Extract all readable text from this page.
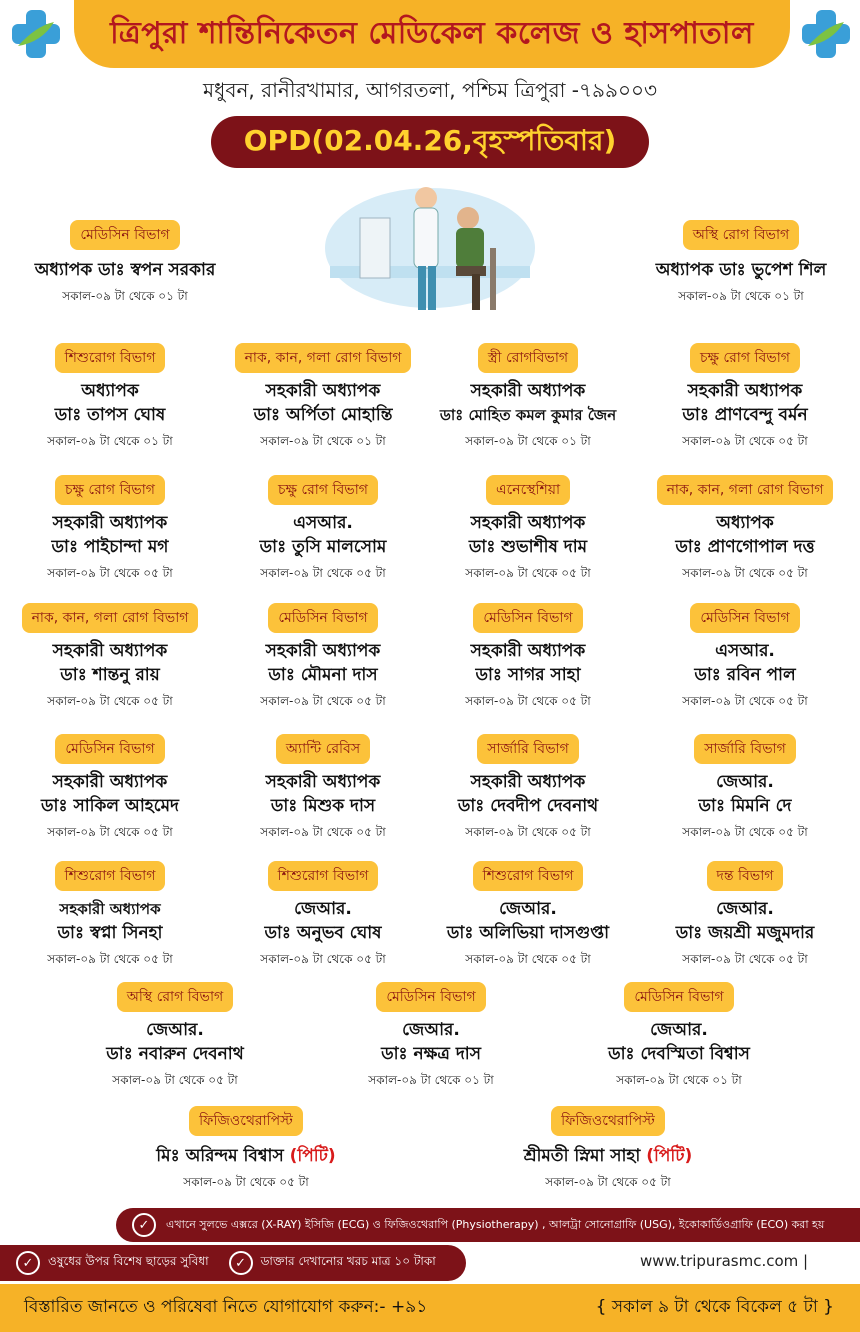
ত্রিপুরা শান্তিনিকেতন মেডিকেল কলেজ ও হাসপাতাল
মধুবন, রানীরখামার, আগরতলা, পশ্চিম ত্রিপুরা -৭৯৯০০৩
OPD(02.04.26,বৃহস্পতিবার)
মেডিসিন বিভাগ
অধ্যাপক ডাঃ স্বপন সরকার
সকাল-০৯ টা থেকে ০১ টা
অস্থি রোগ বিভাগ
অধ্যাপক ডাঃ ভুপেশ শিল
সকাল-০৯ টা থেকে ০১ টা
শিশুরোগ বিভাগ
অধ্যাপক
ডাঃ তাপস ঘোষ
সকাল-০৯ টা থেকে ০১ টা
নাক, কান, গলা রোগ বিভাগ
সহকারী অধ্যাপক
ডাঃ অর্পিতা মোহান্তি
সকাল-০৯ টা থেকে ০১ টা
স্ত্রী রোগবিভাগ
সহকারী অধ্যাপক
ডাঃ মোহিত কমল কুমার জৈন
সকাল-০৯ টা থেকে ০১ টা
চক্ষু রোগ বিভাগ
সহকারী অধ্যাপক
ডাঃ প্রাণবেন্দু বর্মন
সকাল-০৯ টা থেকে ০৫ টা
চক্ষু রোগ বিভাগ
সহকারী অধ্যাপক
ডাঃ পাইচান্দা মগ
সকাল-০৯ টা থেকে ০৫ টা
চক্ষু রোগ বিভাগ
এসআর.
ডাঃ তুসি মালসোম
সকাল-০৯ টা থেকে ০৫ টা
এনেস্থেশিয়া
সহকারী অধ্যাপক
ডাঃ শুভাশীষ দাম
সকাল-০৯ টা থেকে ০৫ টা
নাক, কান, গলা রোগ বিভাগ
অধ্যাপক
ডাঃ প্রাণগোপাল দত্ত
সকাল-০৯ টা থেকে ০৫ টা
নাক, কান, গলা রোগ বিভাগ
সহকারী অধ্যাপক
ডাঃ শান্তনু রায়
সকাল-০৯ টা থেকে ০৫ টা
মেডিসিন বিভাগ
সহকারী অধ্যাপক
ডাঃ মৌমনা দাস
সকাল-০৯ টা থেকে ০৫ টা
মেডিসিন বিভাগ
সহকারী অধ্যাপক
ডাঃ সাগর সাহা
সকাল-০৯ টা থেকে ০৫ টা
মেডিসিন বিভাগ
এসআর.
ডাঃ রবিন পাল
সকাল-০৯ টা থেকে ০৫ টা
মেডিসিন বিভাগ
সহকারী অধ্যাপক
ডাঃ সাকিল আহমেদ
সকাল-০৯ টা থেকে ০৫ টা
অ্যান্টি রেবিস
সহকারী অধ্যাপক
ডাঃ মিশুক দাস
সকাল-০৯ টা থেকে ০৫ টা
সার্জারি বিভাগ
সহকারী অধ্যাপক
ডাঃ দেবদীপ দেবনাথ
সকাল-০৯ টা থেকে ০৫ টা
সার্জারি বিভাগ
জেআর.
ডাঃ মিমনি দে
সকাল-০৯ টা থেকে ০৫ টা
শিশুরোগ বিভাগ
সহকারী অধ্যাপক
ডাঃ স্বপ্না সিনহা
সকাল-০৯ টা থেকে ০৫ টা
শিশুরোগ বিভাগ
জেআর.
ডাঃ অনুভব ঘোষ
সকাল-০৯ টা থেকে ০৫ টা
শিশুরোগ বিভাগ
জেআর.
ডাঃ অলিভিয়া দাসগুপ্তা
সকাল-০৯ টা থেকে ০৫ টা
দন্ত বিভাগ
জেআর.
ডাঃ জয়শ্রী মজুমদার
সকাল-০৯ টা থেকে ০৫ টা
অস্থি রোগ বিভাগ
জেআর.
ডাঃ নবারুন দেবনাথ
সকাল-০৯ টা থেকে ০৫ টা
মেডিসিন বিভাগ
জেআর.
ডাঃ নক্ষত্র দাস
সকাল-০৯ টা থেকে ০১ টা
মেডিসিন বিভাগ
জেআর.
ডাঃ দেবস্মিতা বিশ্বাস
সকাল-০৯ টা থেকে ০১ টা
ফিজিওথেরাপিস্ট
মিঃ অরিন্দম বিশ্বাস (পিটি)
সকাল-০৯ টা থেকে ০৫ টা
ফিজিওথেরাপিস্ট
শ্রীমতী স্নিমা সাহা (পিটি)
সকাল-০৯ টা থেকে ০৫ টা
✓	এখানে সুলভে এক্সরে (X-RAY) ইসিজি (ECG) ও ফিজিওথেরাপি (Physiotherapy) , আলট্রা সোনোগ্রাফি (USG), ইকোকার্ডিওগ্রাফি (ECO) করা হয়
✓	ওষুধের উপর বিশেষ ছাড়ের সুবিধা	✓	ডাক্তার দেখানোর খরচ মাত্র ১০ টাকা	www.tripurasmc.com |
বিস্তারিত জানতে ও পরিষেবা নিতে যোগাযোগ করুন:- +৯১	{ সকাল ৯ টা থেকে বিকেল ৫ টা }
